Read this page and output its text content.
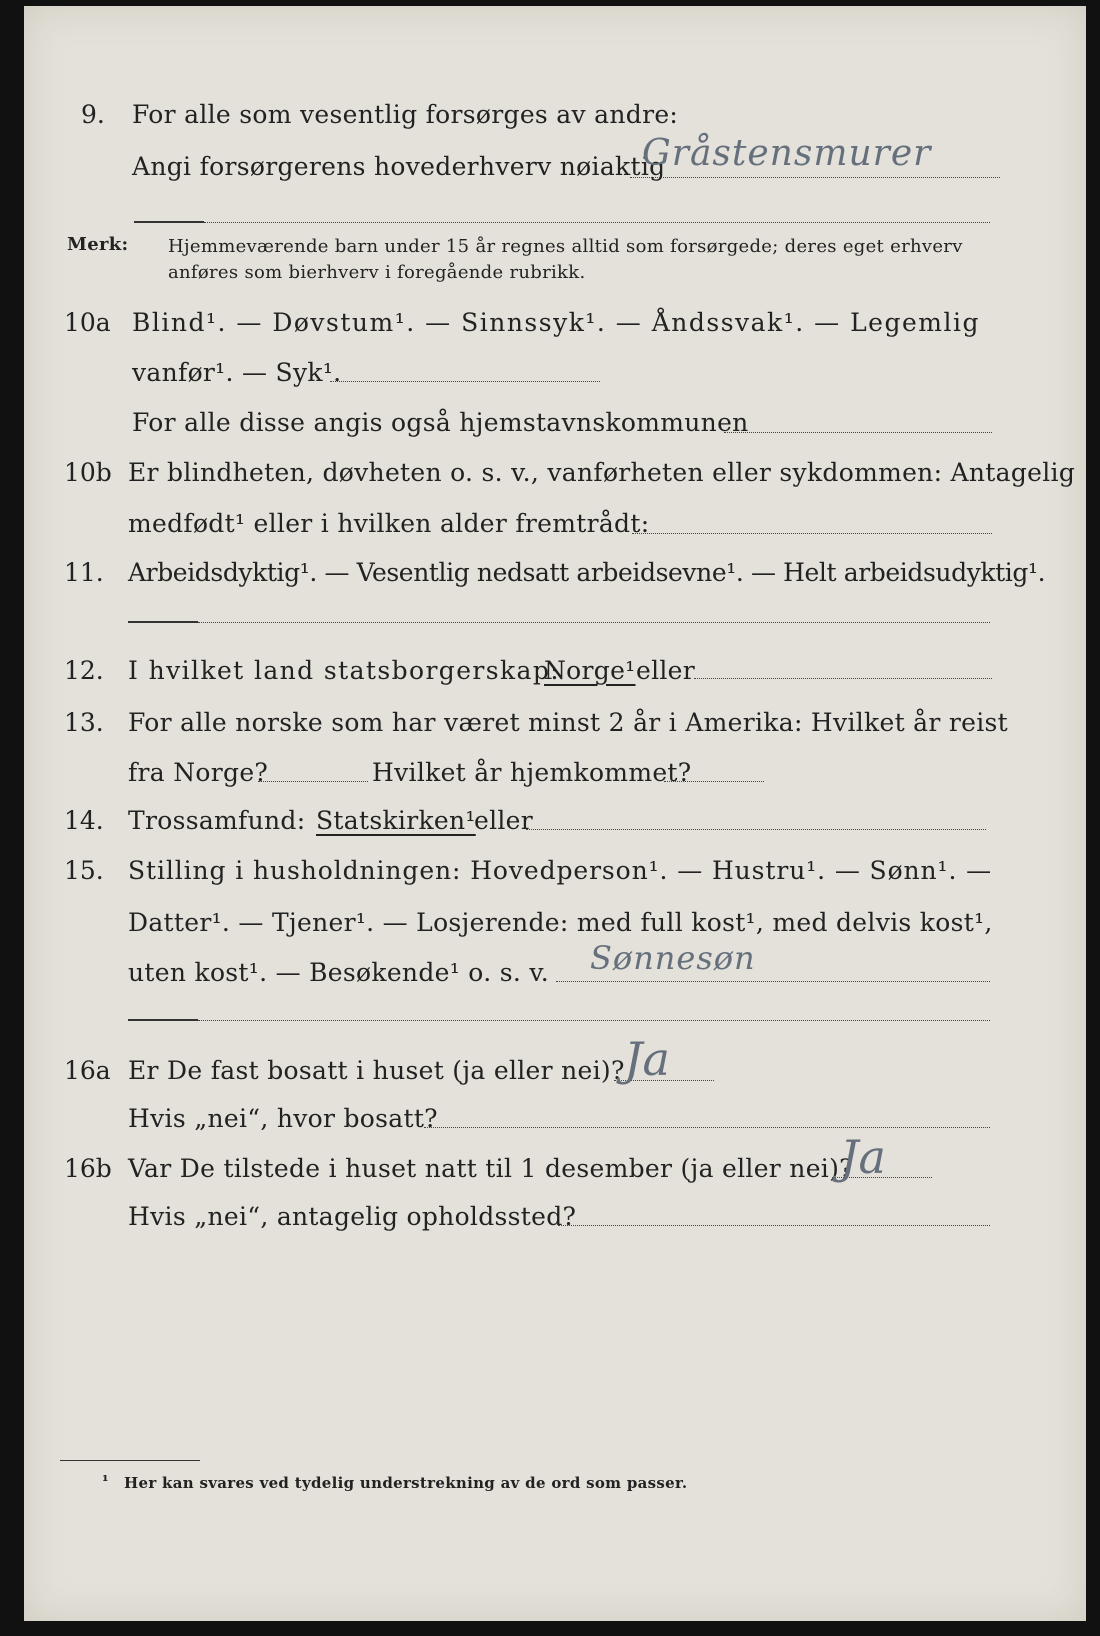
9. For alle som vesentlig forsørges av andre:
Angi forsørgerens hovederhverv nøiaktig
Gråstensmurer
Merk: Hjemmeværende barn under 15 år regnes alltid som forsørgede; deres eget erhverv
anføres som bierhverv i foregående rubrikk.
10a Blind¹. — Døvstum¹. — Sinnssyk¹. — Åndssvak¹. — Legemlig
vanfør¹. — Syk¹.
For alle disse angis også hjemstavnskommunen
10b Er blindheten, døvheten o. s. v., vanførheten eller sykdommen: Antagelig
medfødt¹ eller i hvilken alder fremtrådt:
11. Arbeidsdyktig¹. — Vesentlig nedsatt arbeidsevne¹. — Helt arbeidsudyktig¹.
12. I hvilket land statsborgerskap:
Norge¹ eller
13. For alle norske som har været minst 2 år i Amerika: Hvilket år reist
fra Norge?	Hvilket år hjemkommet?
14. Trossamfund: Statskirken¹
eller
15. Stilling i husholdningen: Hovedperson¹. — Hustru¹. — Sønn¹. —
Datter¹. — Tjener¹. — Losjerende: med full kost¹, med delvis kost¹,
uten kost¹. — Besøkende¹ o. s. v. Sønnesøn
16a Er De fast bosatt i huset (ja eller nei)? Ja
Hvis „nei“, hvor bosatt?
16b Var De tilstede i huset natt til 1 desember (ja eller nei)?
Ja
Hvis „nei“, antagelig opholdssted?
¹ Her kan svares ved tydelig understrekning av de ord som passer.
